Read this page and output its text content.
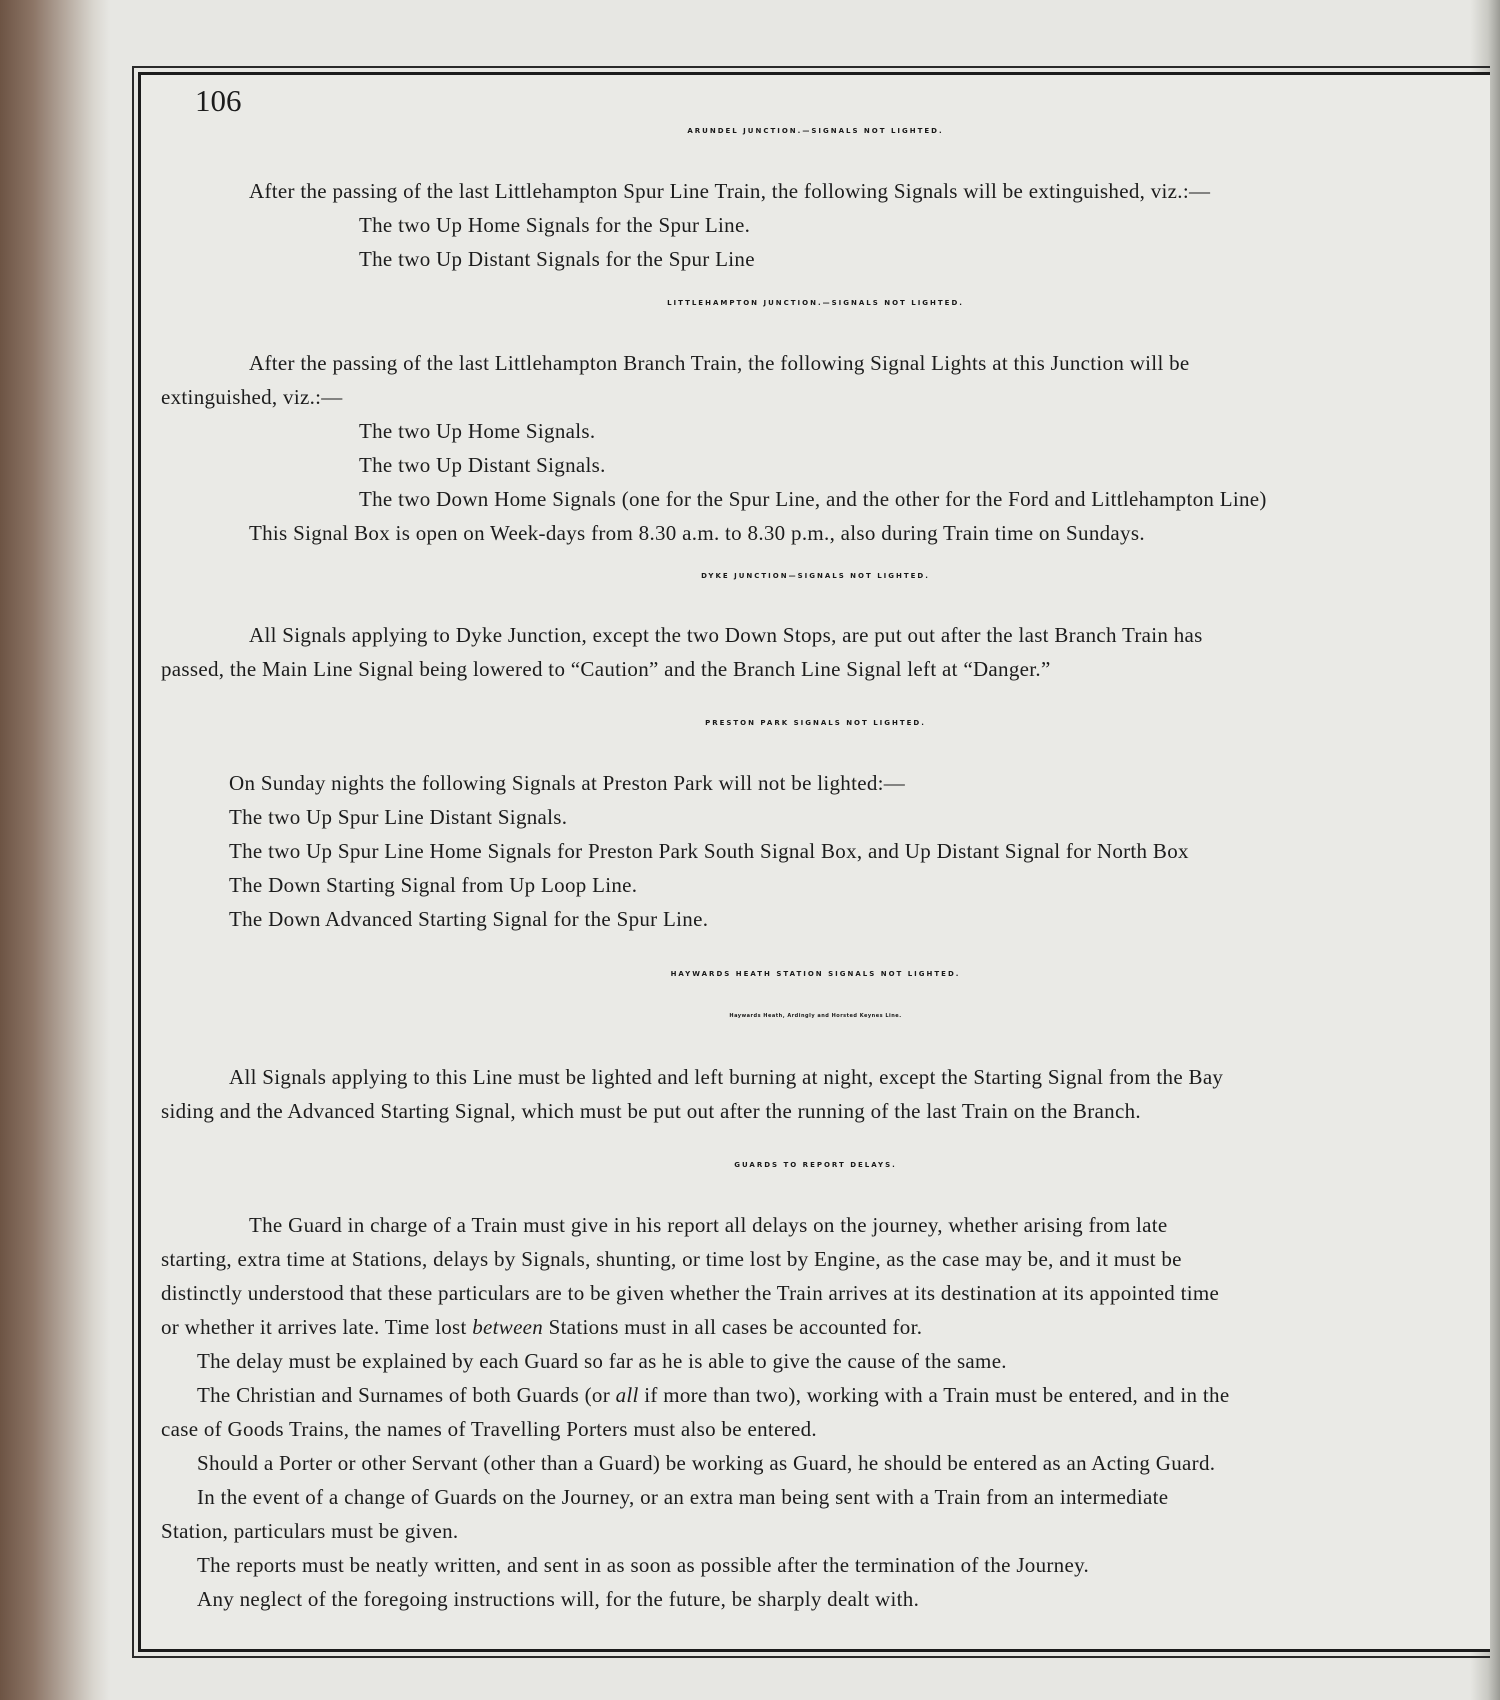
106
ARUNDEL JUNCTION.—SIGNALS NOT LIGHTED.

After the passing of the last Littlehampton Spur Line Train, the following Signals will be extinguished, viz.:—

The two Up Home Signals for the Spur Line.

The two Up Distant Signals for the Spur Line

LITTLEHAMPTON JUNCTION.—SIGNALS NOT LIGHTED.

After the passing of the last Littlehampton Branch Train, the following Signal Lights at this Junction will be

extinguished, viz.:—

The two Up Home Signals.

The two Up Distant Signals.

The two Down Home Signals (one for the Spur Line, and the other for the Ford and Littlehampton Line)

This Signal Box is open on Week-days from 8.30 a.m. to 8.30 p.m., also during Train time on Sundays.

DYKE JUNCTION—SIGNALS NOT LIGHTED.

All Signals applying to Dyke Junction, except the two Down Stops, are put out after the last Branch Train has

passed, the Main Line Signal being lowered to “Caution” and the Branch Line Signal left at “Danger.”

PRESTON PARK SIGNALS NOT LIGHTED.

On Sunday nights the following Signals at Preston Park will not be lighted:—

The two Up Spur Line Distant Signals.

The two Up Spur Line Home Signals for Preston Park South Signal Box, and Up Distant Signal for North Box

The Down Starting Signal from Up Loop Line.

The Down Advanced Starting Signal for the Spur Line.

HAYWARDS HEATH STATION SIGNALS NOT LIGHTED.
Haywards Heath, Ardingly and Horsted Keynes Line.

All Signals applying to this Line must be lighted and left burning at night, except the Starting Signal from the Bay

siding and the Advanced Starting Signal, which must be put out after the running of the last Train on the Branch.

GUARDS TO REPORT DELAYS.

The Guard in charge of a Train must give in his report all delays on the journey, whether arising from late

starting, extra time at Stations, delays by Signals, shunting, or time lost by Engine, as the case may be, and it must be

distinctly understood that these particulars are to be given whether the Train arrives at its destination at its appointed time

or whether it arrives late. Time lost between Stations must in all cases be accounted for.

The delay must be explained by each Guard so far as he is able to give the cause of the same.

The Christian and Surnames of both Guards (or all if more than two), working with a Train must be entered, and in the

case of Goods Trains, the names of Travelling Porters must also be entered.

Should a Porter or other Servant (other than a Guard) be working as Guard, he should be entered as an Acting Guard.

In the event of a change of Guards on the Journey, or an extra man being sent with a Train from an intermediate

Station, particulars must be given.

The reports must be neatly written, and sent in as soon as possible after the termination of the Journey.

Any neglect of the foregoing instructions will, for the future, be sharply dealt with.
